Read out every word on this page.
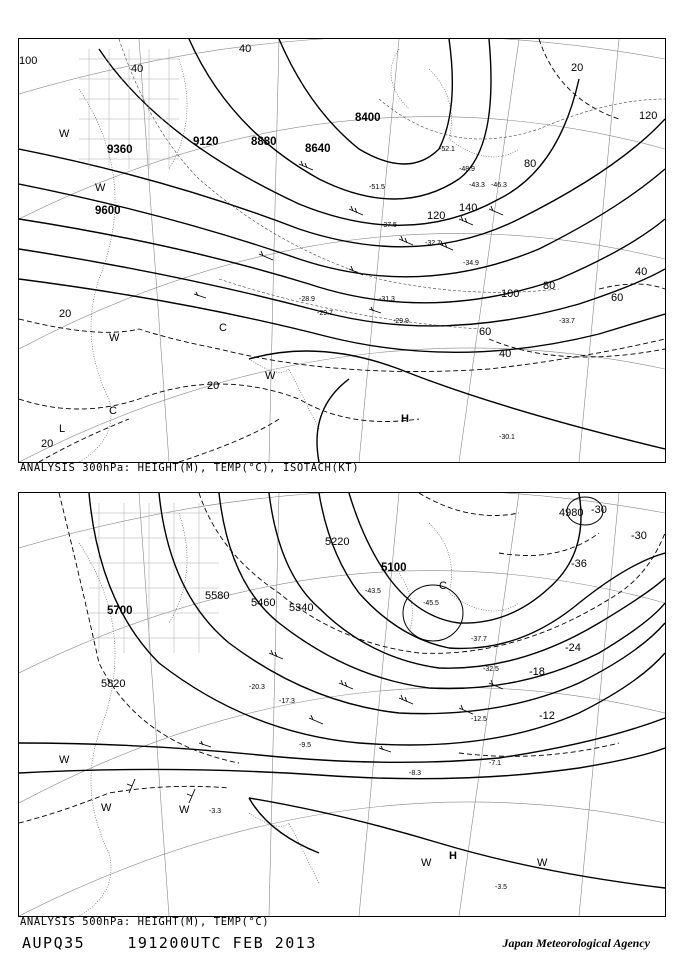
9360
9120	8880
8640
8400
9600
100
40
40	20
120
120
140
80
100
80
60
40
60
40
20
20
20
-51.5
-52.1
-48.9
-43.3 -46.3
-37.5
-32.7
-34.9
-31.3
-29.7
-29.9	-33.7
-28.9
-30.1
W
W
W
C
C
L
W
H
ANALYSIS 300hPa: HEIGHT(M), TEMP(°C), ISOTACH(KT)
5700
5580
5460 5340
5220
5100
4980
5820
-30
-36
-30
-24
-18
-12
-43.5
-45.5
-37.7
-32.5
-12.5
-20.3
-17.3
-9.5
-8.3
-7.1
-3.5
-3.3
C
W
W	W
W
H
W
ANALYSIS 500hPa: HEIGHT(M), TEMP(°C)
AUPQ35	191200UTC FEB 2013	Japan Meteorological Agency
